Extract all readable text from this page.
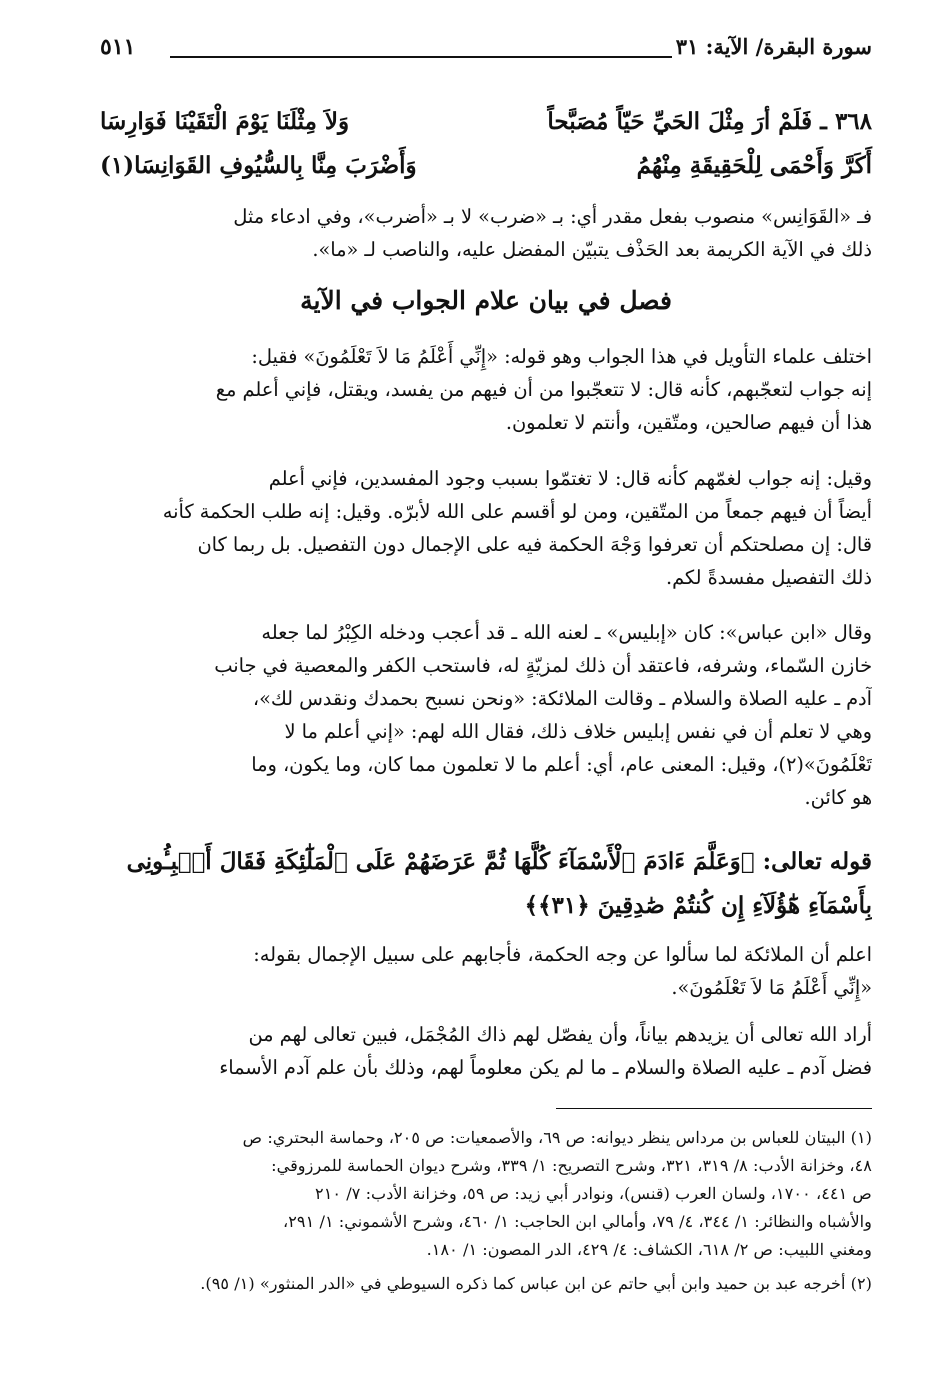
سورة البقرة/ الآية: ٣١
٥١١
٣٦٨ ـ فَلَمْ أرَ مِثْلَ الحَيِّ حَيّاً مُصَبَّحاً
وَلاَ مِثْلَنَا يَوْمَ الْتَقَيْنَا فَوَارِسَا
أَكَرَّ وَأَحْمَى لِلْحَقِيقَةِ مِنْهُمُ
وَأَضْرَبَ مِنَّا بِالسُّيُوفِ القَوَانِسَا(١)
فـ «القَوَانِس» منصوب بفعل مقدر أي: بـ «ضرب» لا بـ «أضرب»، وفي ادعاء مثل
ذلك في الآية الكريمة بعد الحَذْف يتبيّن المفضل عليه، والناصب لـ «ما».
فصل في بيان علام الجواب في الآية
اختلف علماء التأويل في هذا الجواب وهو قوله: «إِنِّي أَعْلَمُ مَا لاَ تَعْلَمُونَ» فقيل:
إنه جواب لتعجّبهم، كأنه قال: لا تتعجّبوا من أن فيهم من يفسد، ويقتل، فإني أعلم مع
هذا أن فيهم صالحين، ومتّقين، وأنتم لا تعلمون.
وقيل: إنه جواب لغمّهم كأنه قال: لا تغتمّوا بسبب وجود المفسدين، فإني أعلم
أيضاً أن فيهم جمعاً من المتّقين، ومن لو أقسم على الله لأبرّه. وقيل: إنه طلب الحكمة كأنه
قال: إن مصلحتكم أن تعرفوا وَجْهَ الحكمة فيه على الإجمال دون التفصيل. بل ربما كان
ذلك التفصيل مفسدةً لكم.
وقال «ابن عباس»: كان «إبليس» ـ لعنه الله ـ قد أعجب ودخله الكِبْرُ لما جعله
خازن السّماء، وشرفه، فاعتقد أن ذلك لمزيّةٍ له، فاستحب الكفر والمعصية في جانب
آدم ـ عليه الصلاة والسلام ـ وقالت الملائكة: «ونحن نسبح بحمدك ونقدس لك»،
وهي لا تعلم أن في نفس إبليس خلاف ذلك، فقال الله لهم: «إني أعلم ما لا
تَعْلَمُونَ»(٢)، وقيل: المعنى عام، أي: أعلم ما لا تعلمون مما كان، وما يكون، وما
هو كائن.
قوله تعالى: ﴿وَعَلَّمَ ءَادَمَ ٱلْأَسْمَآءَ كُلَّهَا ثُمَّ عَرَضَهُمْ عَلَى ٱلْمَلَٰٓئِكَةِ فَقَالَ أَنۢبِـُٔونِى
بِأَسْمَآءِ هَٰٓؤُلَآءِ إِن كُنتُمْ صَٰدِقِينَ ﴿٣١﴾﴾
اعلم أن الملائكة لما سألوا عن وجه الحكمة، فأجابهم على سبيل الإجمال بقوله:
«إِنِّي أَعْلَمُ مَا لاَ تَعْلَمُونَ».
أراد الله تعالى أن يزيدهم بياناً، وأن يفصّل لهم ذاك المُجْمَل، فبين تعالى لهم من
فضل آدم ـ عليه الصلاة والسلام ـ ما لم يكن معلوماً لهم، وذلك بأن علم آدم الأسماء
(١) البيتان للعباس بن مرداس ينظر ديوانه: ص ٦٩، والأصمعيات: ص ٢٠٥، وحماسة البحتري: ص
٤٨، وخزانة الأدب: ٨/ ٣١٩، ٣٢١، وشرح التصريح: ١/ ٣٣٩، وشرح ديوان الحماسة للمرزوقي:
ص ٤٤١، ١٧٠٠، ولسان العرب (قنس)، ونوادر أبي زيد: ص ٥٩، وخزانة الأدب: ٧/ ٢١٠
والأشباه والنظائر: ١/ ٣٤٤، ٤/ ٧٩، وأمالي ابن الحاجب: ١/ ٤٦٠، وشرح الأشموني: ١/ ٢٩١،
ومغني اللبيب: ص ٢/ ٦١٨، الكشاف: ٤/ ٤٢٩، الدر المصون: ١/ ١٨٠.
(٢) أخرجه عبد بن حميد وابن أبي حاتم عن ابن عباس كما ذكره السيوطي في «الدر المنثور» (١/ ٩٥).
